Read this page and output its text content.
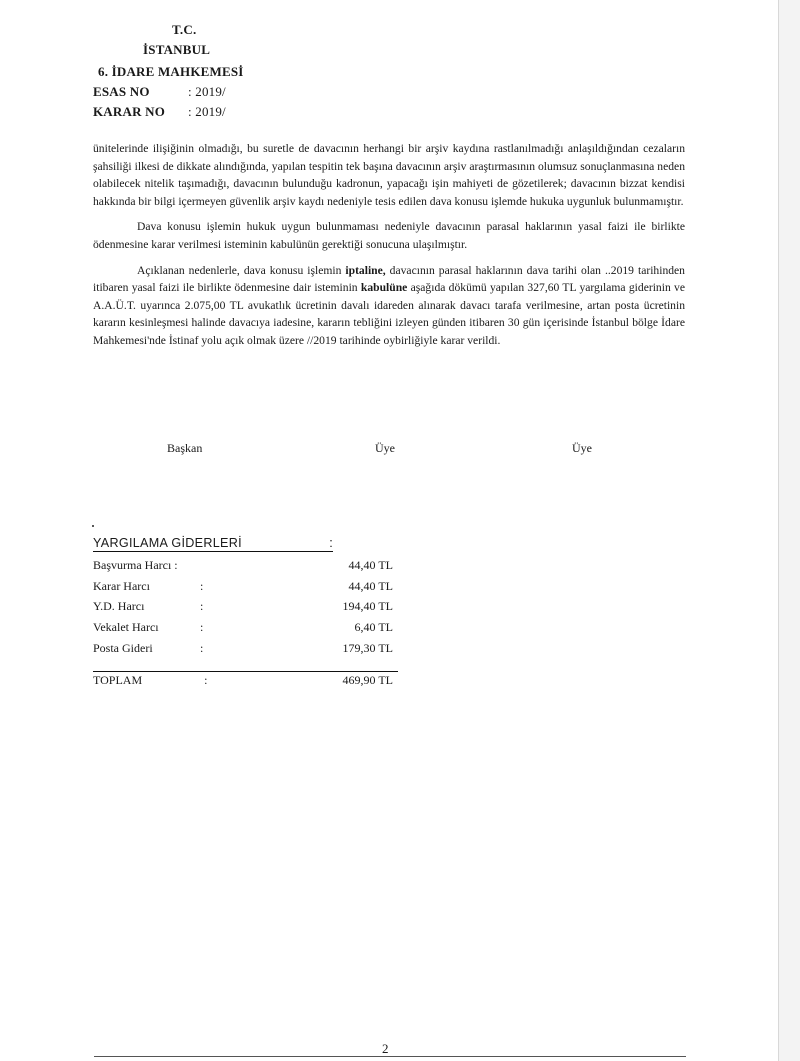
T.C.
İSTANBUL
6. İDARE MAHKEMESİ
ESAS NO	: 2019/
KARAR NO : 2019/

ünitelerinde ilişiğinin olmadığı, bu suretle de davacının herhangi bir arşiv kaydına rastlanılmadığı anlaşıldığından cezaların şahsiliği ilkesi de dikkate alındığında, yapılan tespitin tek başına davacının arşiv araştırmasının olumsuz sonuçlanmasına neden olabilecek nitelik taşımadığı, davacının bulunduğu kadronun, yapacağı işin mahiyeti de gözetilerek; davacının bizzat kendisi hakkında bir bilgi içermeyen güvenlik arşiv kaydı nedeniyle tesis edilen dava konusu işlemde hukuka uygunluk bulunmamıştır.

Dava konusu işlemin hukuk uygun bulunmaması nedeniyle davacının parasal haklarının yasal faizi ile birlikte ödenmesine karar verilmesi isteminin kabulünün gerektiği sonucuna ulaşılmıştır.

Açıklanan nedenlerle, dava konusu işlemin iptaline, davacının parasal haklarının dava tarihi olan ..2019 tarihinden itibaren yasal faizi ile birlikte ödenmesine dair isteminin kabulüne aşağıda dökümü yapılan 327,60 TL yargılama giderinin ve A.A.Ü.T. uyarınca 2.075,00 TL avukatlık ücretinin davalı idareden alınarak davacı tarafa verilmesine, artan posta ücretinin kararın kesinleşmesi halinde davacıya iadesine, kararın tebliğini izleyen günden itibaren 30 gün içerisinde İstanbul bölge İdare Mahkemesi'nde İstinaf yolu açık olmak üzere //2019 tarihinde oybirliğiyle karar verildi.

Başkan	Üye	Üye
YARGILAMA GİDERLERİ	:
Başvurma Harcı :	44,40 TL
Karar Harcı	:	44,40 TL
Y.D. Harcı	:	194,40 TL
Vekalet Harcı	:	6,40 TL
Posta Gideri	:	179,30 TL
TOPLAM	:	469,90 TL
2
